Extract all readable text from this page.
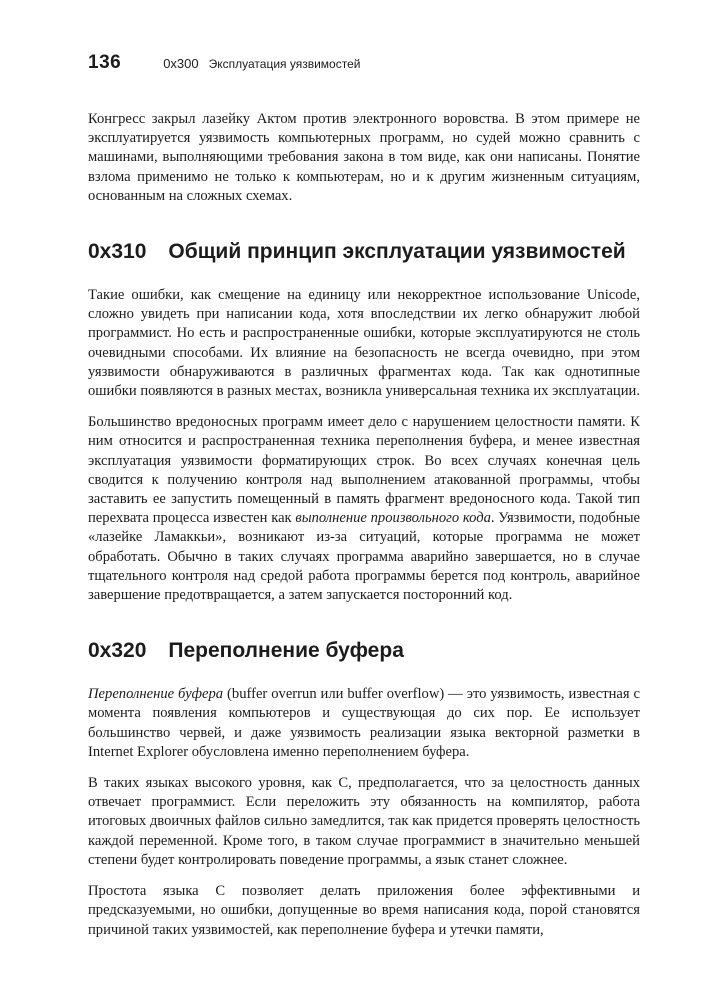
136	0x300 Эксплуатация уязвимостей

Конгресс закрыл лазейку Актом против электронного воровства. В этом примере не эксплуатируется уязвимость компьютерных программ, но судей можно сравнить с машинами, выполняющими требования закона в том виде, как они написаны. Понятие взлома применимо не только к компьютерам, но и к другим жизненным ситуациям, основанным на сложных схемах.

0x310 Общий принцип эксплуатации уязвимостей

Такие ошибки, как смещение на единицу или некорректное использование Unicode, сложно увидеть при написании кода, хотя впоследствии их легко обнаружит любой программист. Но есть и распространенные ошибки, которые эксплуатируются не столь очевидными способами. Их влияние на безопасность не всегда очевидно, при этом уязвимости обнаруживаются в различных фрагментах кода. Так как однотипные ошибки появляются в разных местах, возникла универсальная техника их эксплуатации.

Большинство вредоносных программ имеет дело с нарушением целостности памяти. К ним относится и распространенная техника переполнения буфера, и менее известная эксплуатация уязвимости форматирующих строк. Во всех случаях конечная цель сводится к получению контроля над выполнением атакованной программы, чтобы заставить ее запустить помещенный в память фрагмент вредоносного кода. Такой тип перехвата процесса известен как выполнение произвольного кода. Уязвимости, подобные «лазейке Ламаккьи», возникают из-за ситуаций, которые программа не может обработать. Обычно в таких случаях программа аварийно завершается, но в случае тщательного контроля над средой работа программы берется под контроль, аварийное завершение предотвращается, а затем запускается посторонний код.

0x320 Переполнение буфера

Переполнение буфера (buffer overrun или buffer overflow) — это уязвимость, известная с момента появления компьютеров и существующая до сих пор. Ее использует большинство червей, и даже уязвимость реализации языка векторной разметки в Internet Explorer обусловлена именно переполнением буфера.

В таких языках высокого уровня, как C, предполагается, что за целостность данных отвечает программист. Если переложить эту обязанность на компилятор, работа итоговых двоичных файлов сильно замедлится, так как придется проверять целостность каждой переменной. Кроме того, в таком случае программист в значительно меньшей степени будет контролировать поведение программы, а язык станет сложнее.

Простота языка C позволяет делать приложения более эффективными и предсказуемыми, но ошибки, допущенные во время написания кода, порой становятся причиной таких уязвимостей, как переполнение буфера и утечки памяти,
